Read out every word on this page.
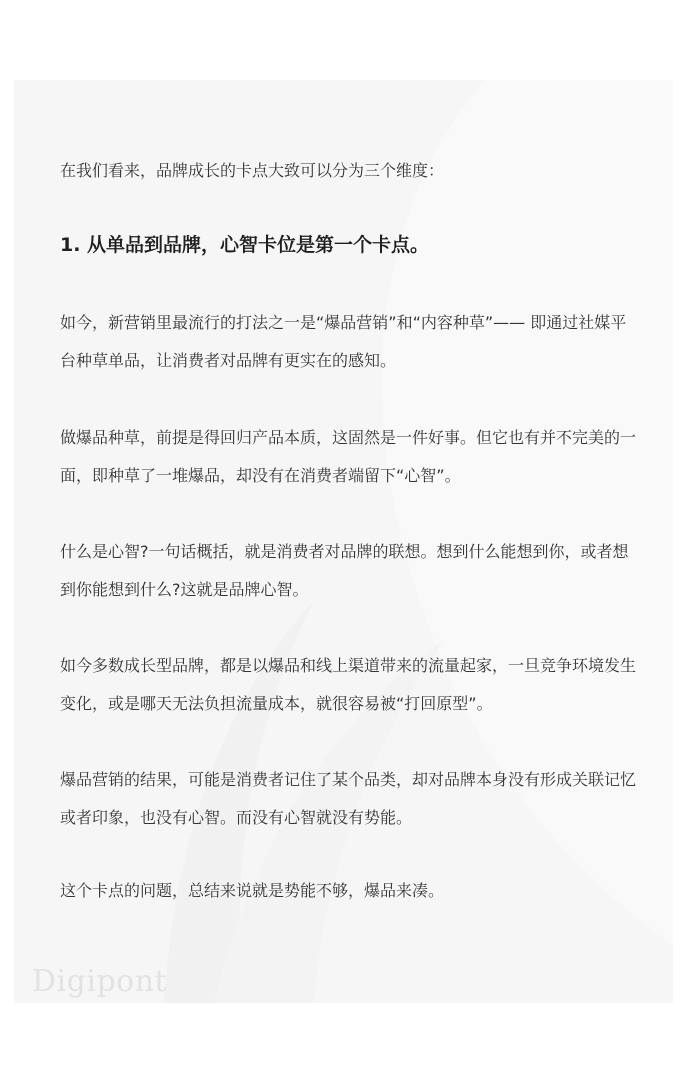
在我们看来，品牌成长的卡点大致可以分为三个维度：

1. 从单品到品牌，心智卡位是第一个卡点。

如今，新营销里最流行的打法之一是“爆品营销”和“内容种草”—— 即通过社媒平台种草单品，让消费者对品牌有更实在的感知。

做爆品种草，前提是得回归产品本质，这固然是一件好事。但它也有并不完美的一面，即种草了一堆爆品，却没有在消费者端留下“心智”。

什么是心智?一句话概括，就是消费者对品牌的联想。想到什么能想到你，或者想到你能想到什么?这就是品牌心智。

如今多数成长型品牌，都是以爆品和线上渠道带来的流量起家，一旦竞争环境发生变化，或是哪天无法负担流量成本，就很容易被“打回原型”。

爆品营销的结果，可能是消费者记住了某个品类，却对品牌本身没有形成关联记忆或者印象，也没有心智。而没有心智就没有势能。

这个卡点的问题，总结来说就是势能不够，爆品来凑。

Digipont
